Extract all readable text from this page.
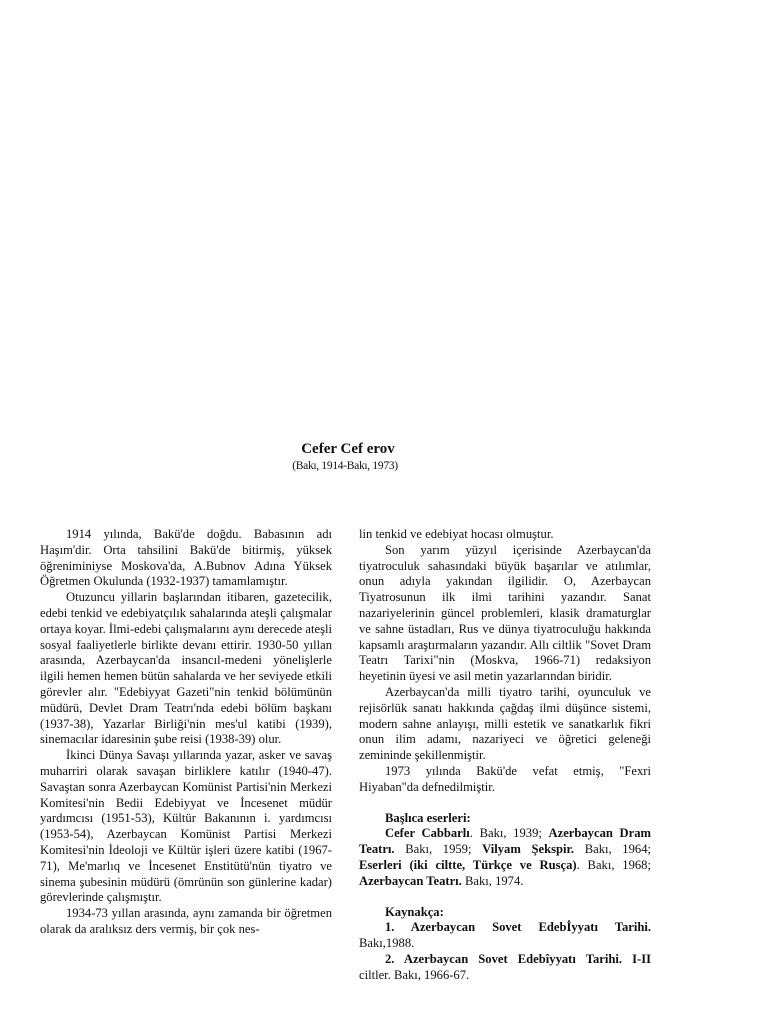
Cefer Cef erov
(Bakı, 1914-Bakı, 1973)

1914 yılında, Bakü'de doğdu. Babasının adı Haşım'dir. Orta tahsilini Bakü'de bitirmiş, yüksek öğreniminiyse Moskova'da, A.Bubnov Adına Yüksek Öğretmen Okulunda (1932-1937) tamamlamıştır.

Otuzuncu yillarin başlarından itibaren, gazetecilik, edebi tenkid ve edebiyatçılık sahalarında ateşli çalışmalar ortaya koyar. İlmi-edebi çalışmalarını aynı derecede ateşli sosyal faaliyetlerle birlikte devanı ettirir. 1930-50 yıllan arasında, Azerbaycan'da insancıl-medeni yönelişlerle ilgili hemen hemen bütün sahalarda ve her seviyede etkili görevler alır. "Edebiyyat Gazeti"nin tenkid bölümünün müdürü, Devlet Dram Teatrı'nda edebi bölüm başkanı (1937-38), Yazarlar Birliği'nin mes'ul katibi (1939), sinemacılar idaresinin şube reisi (1938-39) olur.

İkinci Dünya Savaşı yıllarında yazar, asker ve savaş muharriri olarak savaşan birliklere katılır (1940-47). Savaştan sonra Azerbaycan Komünist Partisi'nin Merkezi Komitesi'nin Bedii Edebiyyat ve İncesenet müdür yardımcısı (1951-53), Kültür Bakanının i. yardımcısı (1953-54), Azerbaycan Komünist Partisi Merkezi Komitesi'nin İdeoloji ve Kültür işleri üzere katibi (1967-71), Me'marlıq ve İncesenet Enstitütü'nün tiyatro ve sinema şubesinin müdürü (ömrünün son günlerine kadar) görevlerinde çalışmıştır.

1934-73 yıllan arasında, aynı zamanda bir öğretmen olarak da aralıksız ders vermiş, bir çok nes-

lin tenkid ve edebiyat hocası olmuştur.

Son yarım yüzyıl içerisinde Azerbaycan'da tiyatroculuk sahasındaki büyük başarılar ve atılımlar, onun adıyla yakından ilgilidir. O, Azerbaycan Tiyatrosunun ilk ilmi tarihini yazandır. Sanat nazariyelerinin güncel problemleri, klasik dramaturglar ve sahne üstadları, Rus ve dünya tiyatroculuğu hakkında kapsamlı araştırmaların yazandır. Allı ciltlik "Sovet Dram Teatrı Tarixi"nin (Moskva, 1966-71) redaksiyon heyetinin üyesi ve asil metin yazarlarından biridir.

Azerbaycan'da milli tiyatro tarihi, oyunculuk ve rejisörlük sanatı hakkında çağdaş ilmi düşünce sistemi, modern sahne anlayışı, milli estetik ve sanatkarlık fikri onun ilim adamı, nazariyeci ve öğretici geleneği zemininde şekillenmiştir.

1973 yılında Bakü'de vefat etmiş, "Fexri Hiyaban"da defnedilmiştir.

Başlıca eserleri:

Cefer Cabbarlı. Bakı, 1939; Azerbaycan Dram Teatrı. Bakı, 1959; Vilyam Şekspir. Bakı, 1964; Eserleri (iki ciltte, Türkçe ve Rusça). Bakı, 1968; Azerbaycan Teatrı. Bakı, 1974.

Kaynakça:

1. Azerbaycan Sovet Edebİyyatı Tarihi. Bakı,1988.

2. Azerbaycan Sovet Edebîyyatı Tarihi. I-II ciltler. Bakı, 1966-67.
